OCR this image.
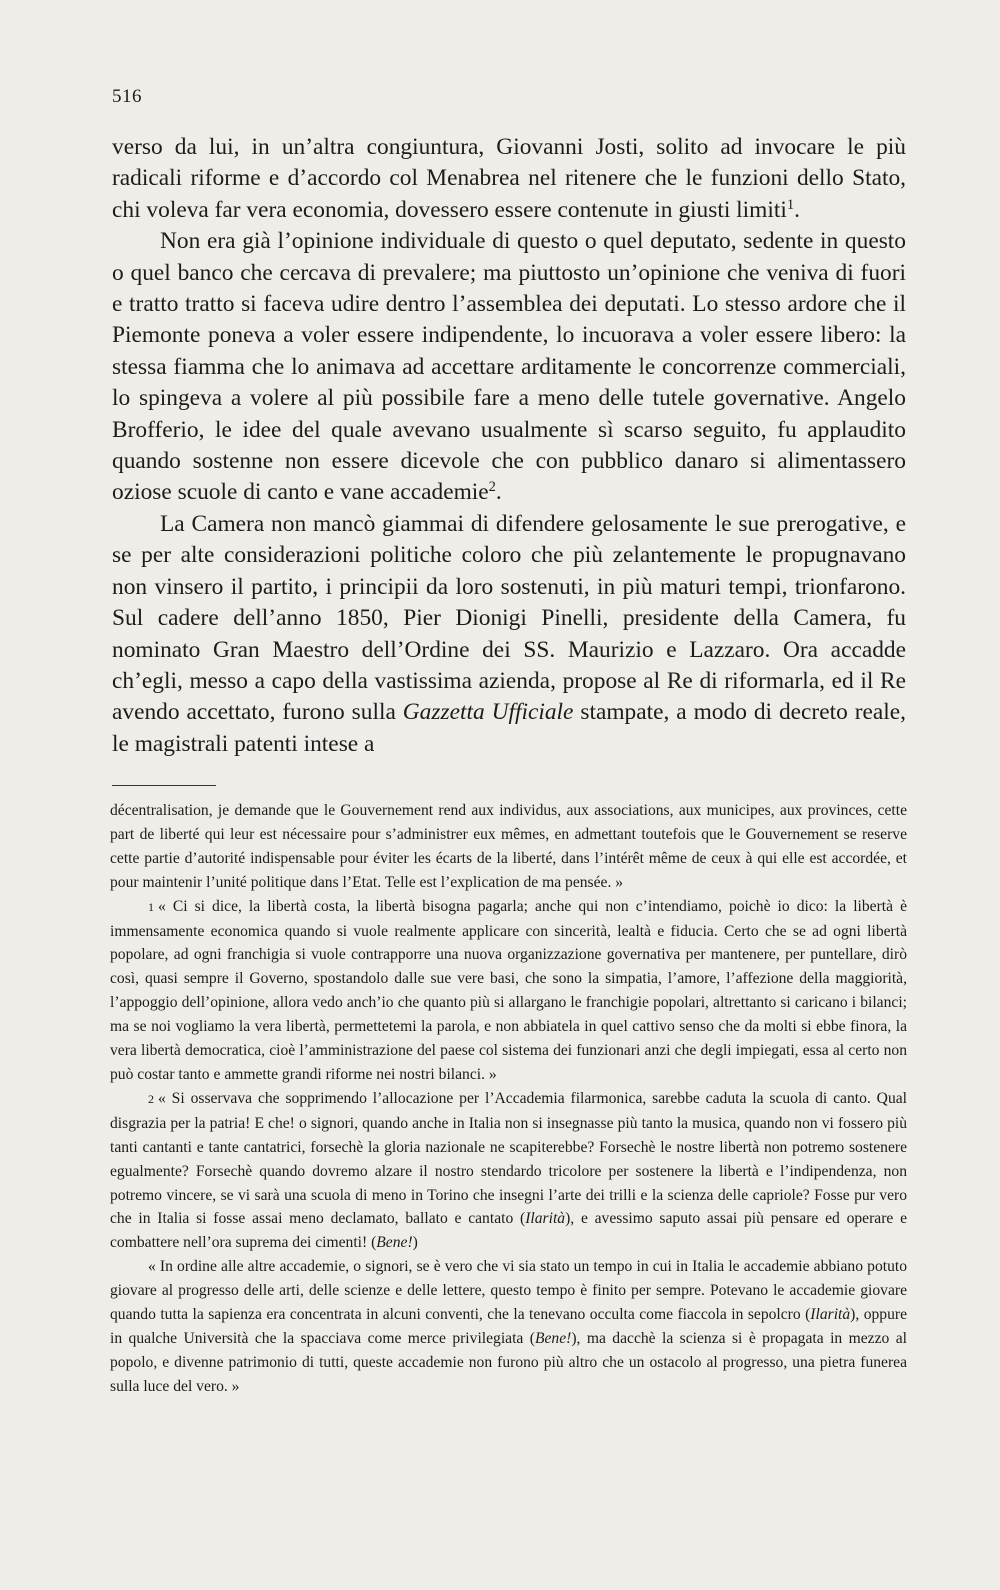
516

verso da lui, in un’altra congiuntura, Giovanni Josti, solito ad invocare le più radicali riforme e d’accordo col Menabrea nel ritenere che le funzioni dello Stato, chi voleva far vera economia, dovessero essere contenute in giusti limiti$^1$.

Non era già l’opinione individuale di questo o quel deputato, sedente in questo o quel banco che cercava di prevalere; ma piuttosto un’opinione che veniva di fuori e tratto tratto si faceva udire dentro l’assemblea dei deputati. Lo stesso ardore che il Piemonte poneva a voler essere indipendente, lo incuorava a voler essere libero: la stessa fiamma che lo animava ad accettare arditamente le concorrenze commerciali, lo spingeva a volere al più possibile fare a meno delle tutele governative. Angelo Brofferio, le idee del quale avevano usualmente sì scarso seguito, fu applaudito quando sostenne non essere dicevole che con pubblico danaro si alimentassero oziose scuole di canto e vane accademie$^2$.

La Camera non mancò giammai di difendere gelosamente le sue prerogative, e se per alte considerazioni politiche coloro che più zelantemente le propugnavano non vinsero il partito, i principii da loro sostenuti, in più maturi tempi, trionfarono. Sul cadere dell’anno 1850, Pier Dionigi Pinelli, presidente della Camera, fu nominato Gran Maestro dell’Ordine dei SS. Maurizio e Lazzaro. Ora accadde ch’egli, messo a capo della vastissima azienda, propose al Re di riformarla, ed il Re avendo accettato, furono sulla Gazzetta Ufficiale stampate, a modo di decreto reale, le magistrali patenti intese a

décentralisation, je demande que le Gouvernement rend aux individus, aux associations, aux municipes, aux provinces, cette part de liberté qui leur est nécessaire pour s’administrer eux mêmes, en admettant toutefois que le Gouvernement se reserve cette partie d’autorité indispensable pour éviter les écarts de la liberté, dans l’intérêt même de ceux à qui elle est accordée, et pour maintenir l’unité politique dans l’Etat. Telle est l’explication de ma pensée. »

1 « Ci si dice, la libertà costa, la libertà bisogna pagarla; anche qui non c’intendiamo, poichè io dico: la libertà è immensamente economica quando si vuole realmente applicare con sincerità, lealtà e fiducia. Certo che se ad ogni libertà popolare, ad ogni franchigia si vuole contrapporre una nuova organizzazione governativa per mantenere, per puntellare, dirò così, quasi sempre il Governo, spostandolo dalle sue vere basi, che sono la simpatia, l’amore, l’affezione della maggiorità, l’appoggio dell’opinione, allora vedo anch’io che quanto più si allargano le franchigie popolari, altrettanto si caricano i bilanci; ma se noi vogliamo la vera libertà, permettetemi la parola, e non abbiatela in quel cattivo senso che da molti si ebbe finora, la vera libertà democratica, cioè l’amministrazione del paese col sistema dei funzionari anzi che degli impiegati, essa al certo non può costar tanto e ammette grandi riforme nei nostri bilanci. »

2 « Si osservava che sopprimendo l’allocazione per l’Accademia filarmonica, sarebbe caduta la scuola di canto. Qual disgrazia per la patria! E che! o signori, quando anche in Italia non si insegnasse più tanto la musica, quando non vi fossero più tanti cantanti e tante cantatrici, forsechè la gloria nazionale ne scapiterebbe? Forsechè le nostre libertà non potremo sostenere egualmente? Forsechè quando dovremo alzare il nostro stendardo tricolore per sostenere la libertà e l’indipendenza, non potremo vincere, se vi sarà una scuola di meno in Torino che insegni l’arte dei trilli e la scienza delle capriole? Fosse pur vero che in Italia si fosse assai meno declamato, ballato e cantato (Ilarità), e avessimo saputo assai più pensare ed operare e combattere nell’ora suprema dei cimenti! (Bene!)

« In ordine alle altre accademie, o signori, se è vero che vi sia stato un tempo in cui in Italia le accademie abbiano potuto giovare al progresso delle arti, delle scienze e delle lettere, questo tempo è finito per sempre. Potevano le accademie giovare quando tutta la sapienza era concentrata in alcuni conventi, che la tenevano occulta come fiaccola in sepolcro (Ilarità), oppure in qualche Università che la spacciava come merce privilegiata (Bene!), ma dacchè la scienza si è propagata in mezzo al popolo, e divenne patrimonio di tutti, queste accademie non furono più altro che un ostacolo al progresso, una pietra funerea sulla luce del vero. »
